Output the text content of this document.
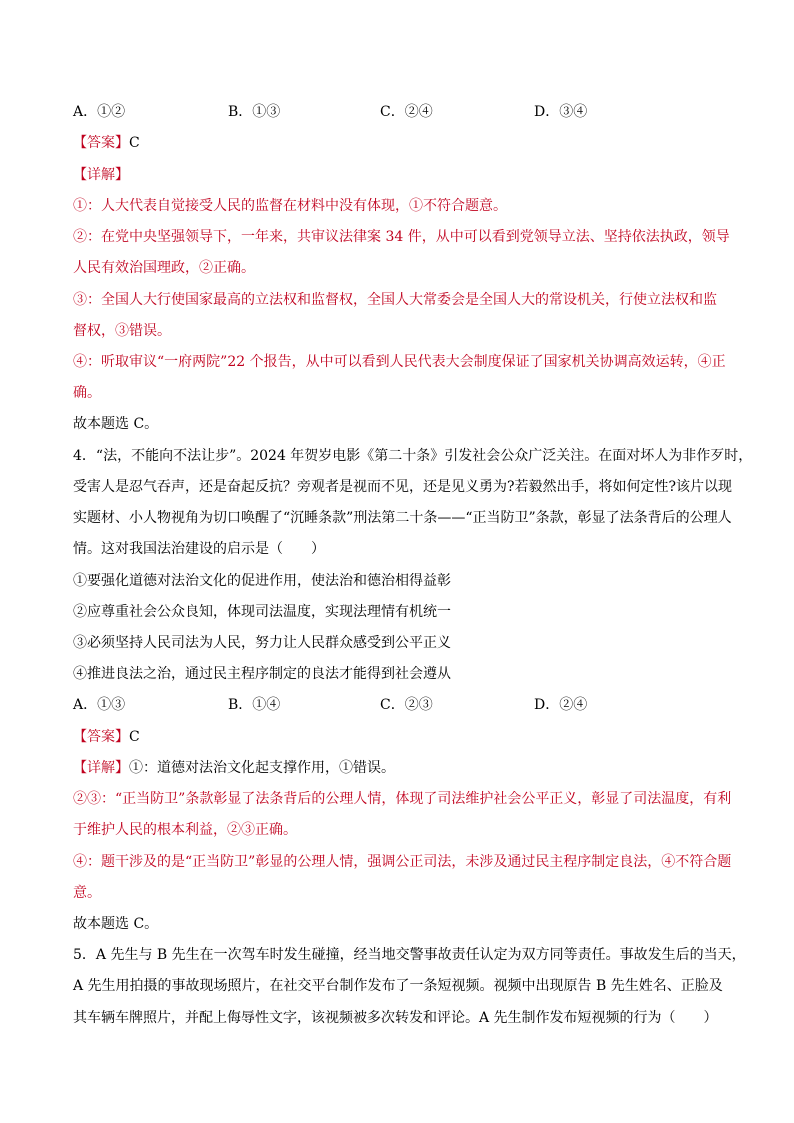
A．①②	B．①③	C．②④	D．③④
【答案】C
【详解】
①：人大代表自觉接受人民的监督在材料中没有体现，①不符合题意。
②：在党中央坚强领导下，一年来，共审议法律案 34 件，从中可以看到党领导立法、坚持依法执政，领导
人民有效治国理政，②正确。
③：全国人大行使国家最高的立法权和监督权，全国人大常委会是全国人大的常设机关，行使立法权和监
督权，③错误。
④：听取审议“一府两院”22 个报告，从中可以看到人民代表大会制度保证了国家机关协调高效运转，④正
确。
故本题选 C。
4．“法，不能向不法让步”。2024 年贺岁电影《第二十条》引发社会公众广泛关注。在面对坏人为非作歹时，
受害人是忍气吞声，还是奋起反抗？旁观者是视而不见，还是见义勇为?若毅然出手，将如何定性?该片以现
实题材、小人物视角为切口唤醒了“沉睡条款”刑法第二十条——“正当防卫”条款，彰显了法条背后的公理人
情。这对我国法治建设的启示是（　　）
①要强化道德对法治文化的促进作用，使法治和德治相得益彰
②应尊重社会公众良知，体现司法温度，实现法理情有机统一
③必须坚持人民司法为人民，努力让人民群众感受到公平正义
④推进良法之治，通过民主程序制定的良法才能得到社会遵从
A．①③	B．①④	C．②③	D．②④
【答案】C
【详解】①：道德对法治文化起支撑作用，①错误。
②③：“正当防卫”条款彰显了法条背后的公理人情，体现了司法维护社会公平正义，彰显了司法温度，有利
于维护人民的根本利益，②③正确。
④：题干涉及的是“正当防卫”彰显的公理人情，强调公正司法，未涉及通过民主程序制定良法，④不符合题
意。
故本题选 C。
5．A 先生与 B 先生在一次驾车时发生碰撞，经当地交警事故责任认定为双方同等责任。事故发生后的当天，
A 先生用拍摄的事故现场照片，在社交平台制作发布了一条短视频。视频中出现原告 B 先生姓名、正脸及
其车辆车牌照片，并配上侮辱性文字，该视频被多次转发和评论。A 先生制作发布短视频的行为（　　）
